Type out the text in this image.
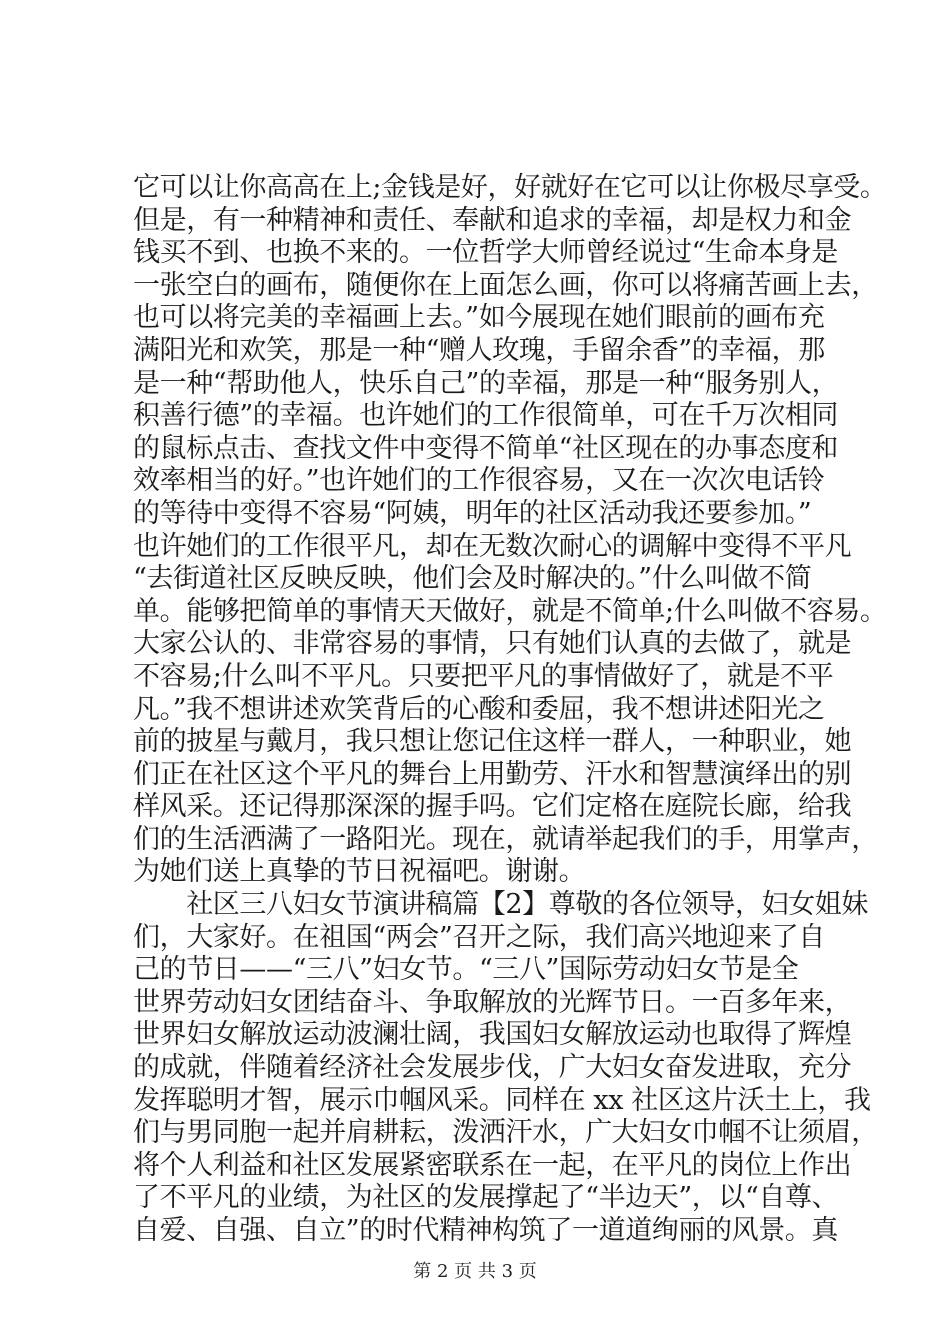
它可以让你高高在上;金钱是好，好就好在它可以让你极尽享受。
但是，有一种精神和责任、奉献和追求的幸福，却是权力和金
钱买不到、也换不来的。一位哲学大师曾经说过“生命本身是
一张空白的画布，随便你在上面怎么画，你可以将痛苦画上去，
也可以将完美的幸福画上去。”如今展现在她们眼前的画布充
满阳光和欢笑，那是一种“赠人玫瑰，手留余香”的幸福，那
是一种“帮助他人，快乐自己”的幸福，那是一种“服务别人，
积善行德”的幸福。也许她们的工作很简单，可在千万次相同
的鼠标点击、查找文件中变得不简单“社区现在的办事态度和
效率相当的好。”也许她们的工作很容易，又在一次次电话铃
的等待中变得不容易“阿姨，明年的社区活动我还要参加。”
也许她们的工作很平凡，却在无数次耐心的调解中变得不平凡
“去街道社区反映反映，他们会及时解决的。”什么叫做不简
单。能够把简单的事情天天做好，就是不简单;什么叫做不容易。
大家公认的、非常容易的事情，只有她们认真的去做了，就是
不容易;什么叫不平凡。只要把平凡的事情做好了，就是不平
凡。”我不想讲述欢笑背后的心酸和委屈，我不想讲述阳光之
前的披星与戴月，我只想让您记住这样一群人，一种职业，她
们正在社区这个平凡的舞台上用勤劳、汗水和智慧演绎出的别
样风采。还记得那深深的握手吗。它们定格在庭院长廊，给我
们的生活洒满了一路阳光。现在，就请举起我们的手，用掌声，
为她们送上真挚的节日祝福吧。谢谢。
　　社区三八妇女节演讲稿篇【2】尊敬的各位领导，妇女姐妹
们，大家好。在祖国“两会”召开之际，我们高兴地迎来了自
己的节日——“三八”妇女节。“三八”国际劳动妇女节是全
世界劳动妇女团结奋斗、争取解放的光辉节日。一百多年来，
世界妇女解放运动波澜壮阔，我国妇女解放运动也取得了辉煌
的成就，伴随着经济社会发展步伐，广大妇女奋发进取，充分
发挥聪明才智，展示巾帼风采。同样在 xx 社区这片沃土上，我
们与男同胞一起并肩耕耘，泼洒汗水，广大妇女巾帼不让须眉，
将个人利益和社区发展紧密联系在一起，在平凡的岗位上作出
了不平凡的业绩，为社区的发展撑起了“半边天”，以“自尊、
自爱、自强、自立”的时代精神构筑了一道道绚丽的风景。真
第 2 页 共 3 页
